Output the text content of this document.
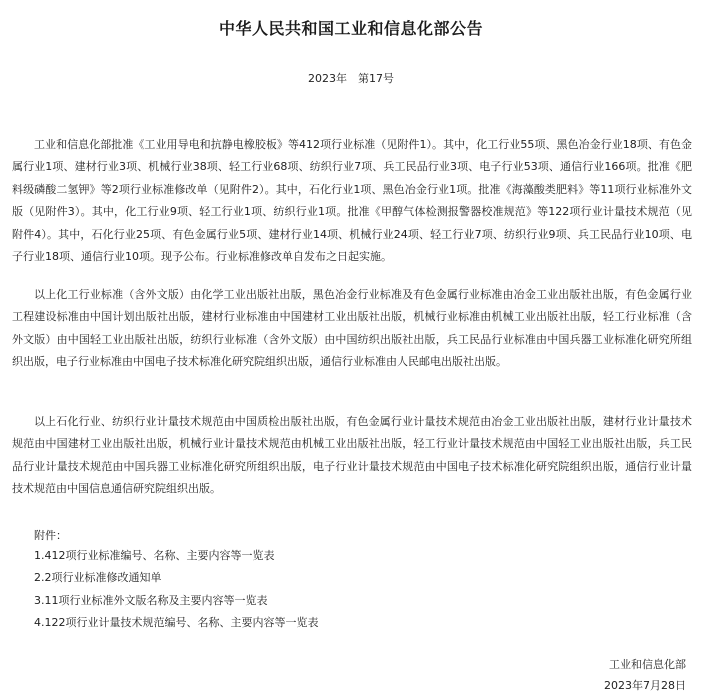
中华人民共和国工业和信息化部公告
2023年　第17号

工业和信息化部批准《工业用导电和抗静电橡胶板》等412项行业标准（见附件1）。其中，化工行业55项、黑色冶金行业18项、有色金属行业1项、建材行业3项、机械行业38项、轻工行业68项、纺织行业7项、兵工民品行业3项、电子行业53项、通信行业166项。批准《肥料级磷酸二氢钾》等2项行业标准修改单（见附件2）。其中，石化行业1项、黑色冶金行业1项。批准《海藻酸类肥料》等11项行业标准外文版（见附件3）。其中，化工行业9项、轻工行业1项、纺织行业1项。批准《甲醇气体检测报警器校准规范》等122项行业计量技术规范（见附件4）。其中，石化行业25项、有色金属行业5项、建材行业14项、机械行业24项、轻工行业7项、纺织行业9项、兵工民品行业10项、电子行业18项、通信行业10项。现予公布。行业标准修改单自发布之日起实施。

以上化工行业标准（含外文版）由化学工业出版社出版，黑色冶金行业标准及有色金属行业标准由冶金工业出版社出版，有色金属行业工程建设标准由中国计划出版社出版，建材行业标准由中国建材工业出版社出版，机械行业标准由机械工业出版社出版，轻工行业标准（含外文版）由中国轻工业出版社出版，纺织行业标准（含外文版）由中国纺织出版社出版，兵工民品行业标准由中国兵器工业标准化研究所组织出版，电子行业标准由中国电子技术标准化研究院组织出版，通信行业标准由人民邮电出版社出版。

以上石化行业、纺织行业计量技术规范由中国质检出版社出版，有色金属行业计量技术规范由冶金工业出版社出版，建材行业计量技术规范由中国建材工业出版社出版，机械行业计量技术规范由机械工业出版社出版，轻工行业计量技术规范由中国轻工业出版社出版，兵工民品行业计量技术规范由中国兵器工业标准化研究所组织出版，电子行业计量技术规范由中国电子技术标准化研究院组织出版，通信行业计量技术规范由中国信息通信研究院组织出版。

附件：
1.412项行业标准编号、名称、主要内容等一览表
2.2项行业标准修改通知单
3.11项行业标准外文版名称及主要内容等一览表
4.122项行业计量技术规范编号、名称、主要内容等一览表
工业和信息化部
2023年7月28日
